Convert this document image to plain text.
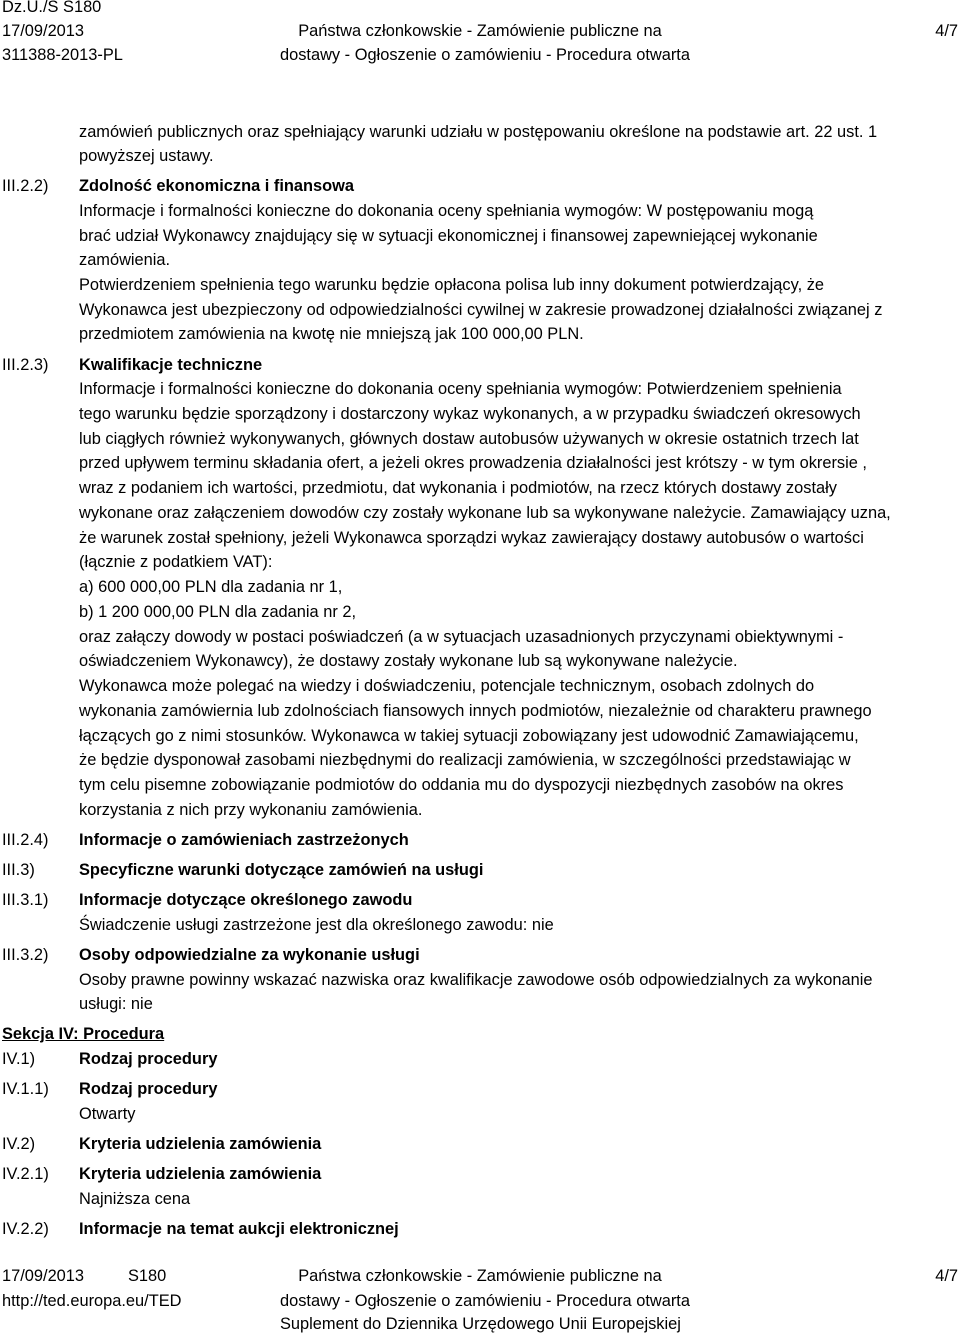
Dz.U./S S180
17/09/2013
311388-2013-PL
Państwa członkowskie - Zamówienie publiczne na
dostawy - Ogłoszenie o zamówieniu - Procedura otwarta
4/7
zamówień publicznych oraz spełniający warunki udziału w postępowaniu określone na podstawie art. 22 ust. 1
powyższej ustawy.
III.2.2) Zdolność ekonomiczna i finansowa
Informacje i formalności konieczne do dokonania oceny spełniania wymogów: W postępowaniu mogą
brać udział Wykonawcy znajdujący się w sytuacji ekonomicznej i finansowej zapewniejącej wykonanie
zamówienia.
Potwierdzeniem spełnienia tego warunku będzie opłacona polisa lub inny dokument potwierdzający, że
Wykonawca jest ubezpieczony od odpowiedzialności cywilnej w zakresie prowadzonej działalności związanej z
przedmiotem zamówienia na kwotę nie mniejszą jak 100 000,00 PLN.
III.2.3) Kwalifikacje techniczne
Informacje i formalności konieczne do dokonania oceny spełniania wymogów: Potwierdzeniem spełnienia
tego warunku będzie sporządzony i dostarczony wykaz wykonanych, a w przypadku świadczeń okresowych
lub ciągłych również wykonywanych, głównych dostaw autobusów używanych w okresie ostatnich trzech lat
przed upływem terminu składania ofert, a jeżeli okres prowadzenia działalności jest krótszy - w tym okrersie ,
wraz z podaniem ich wartości, przedmiotu, dat wykonania i podmiotów, na rzecz których dostawy zostały
wykonane oraz załączeniem dowodów czy zostały wykonane lub sa wykonywane należycie. Zamawiający uzna,
że warunek został spełniony, jeżeli Wykonawca sporządzi wykaz zawierający dostawy autobusów o wartości
(łącznie z podatkiem VAT):
a) 600 000,00 PLN dla zadania nr 1,
b) 1 200 000,00 PLN dla zadania nr 2,
oraz załączy dowody w postaci poświadczeń (a w sytuacjach uzasadnionych przyczynami obiektywnymi -
oświadczeniem Wykonawcy), że dostawy zostały wykonane lub są wykonywane należycie.
Wykonawca może polegać na wiedzy i doświadczeniu, potencjale technicznym, osobach zdolnych do
wykonania zamówiernia lub zdolnościach fiansowych innych podmiotów, niezależnie od charakteru prawnego
łączących go z nimi stosunków. Wykonawca w takiej sytuacji zobowiązany jest udowodnić Zamawiającemu,
że będzie dysponował zasobami niezbędnymi do realizacji zamówienia, w szczególności przedstawiając w
tym celu pisemne zobowiązanie podmiotów do oddania mu do dyspozycji niezbędnych zasobów na okres
korzystania z nich przy wykonaniu zamówienia.
III.2.4) Informacje o zamówieniach zastrzeżonych
III.3)	Specyficzne warunki dotyczące zamówień na usługi
III.3.1) Informacje dotyczące określonego zawodu
Świadczenie usługi zastrzeżone jest dla określonego zawodu: nie
III.3.2) Osoby odpowiedzialne za wykonanie usługi
Osoby prawne powinny wskazać nazwiska oraz kwalifikacje zawodowe osób odpowiedzialnych za wykonanie
usługi: nie
Sekcja IV: Procedura
IV.1)	Rodzaj procedury
IV.1.1) Rodzaj procedury
Otwarty
IV.2)	Kryteria udzielenia zamówienia
IV.2.1) Kryteria udzielenia zamówienia
Najniższa cena
IV.2.2) Informacje na temat aukcji elektronicznej
17/09/2013	S180
http://ted.europa.eu/TED
Państwa członkowskie - Zamówienie publiczne na
dostawy - Ogłoszenie o zamówieniu - Procedura otwarta
Suplement do Dziennika Urzędowego Unii Europejskiej
4/7
